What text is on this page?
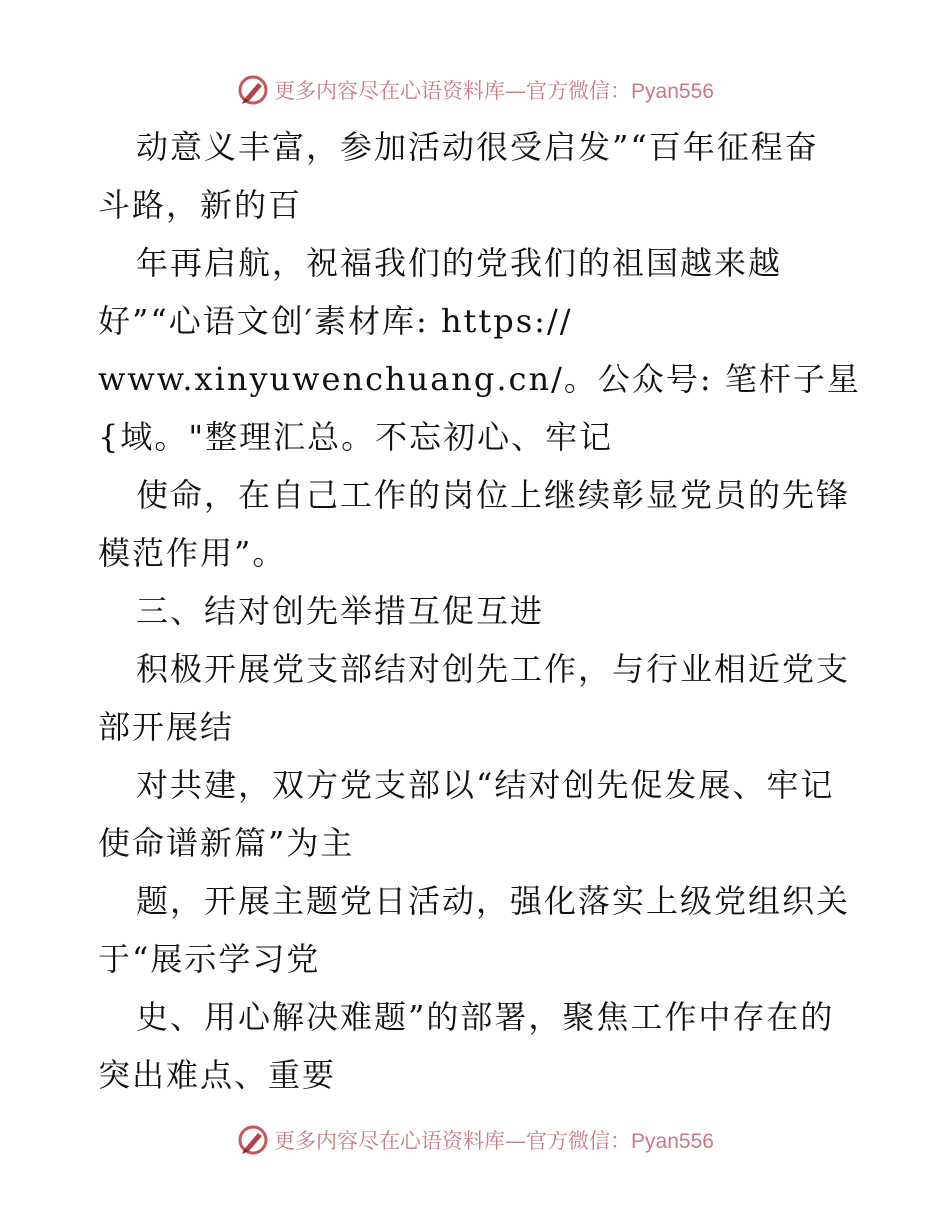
更多内容尽在心语资料库— 官方微信：Pyan556
动意义丰富，参加活动很受启发”“百年征程奋
斗路，新的百
年再启航，祝福我们的党我们的祖国越来越
好”“心语文创′素材库: https://
www.xinyuwenchuang.cn/。公众号: 笔杆子星
{域。"整理汇总。不忘初心、牢记
使命，在自己工作的岗位上继续彰显党员的先锋
模范作用”。
三、结对创先举措互促互进
积极开展党支部结对创先工作，与行业相近党支
部开展结
对共建，双方党支部以“结对创先促发展、牢记
使命谱新篇”为主
题，开展主题党日活动，强化落实上级党组织关
于“展示学习党
史、用心解决难题”的部署，聚焦工作中存在的
突出难点、重要
更多内容尽在心语资料库— 官方微信：Pyan556
